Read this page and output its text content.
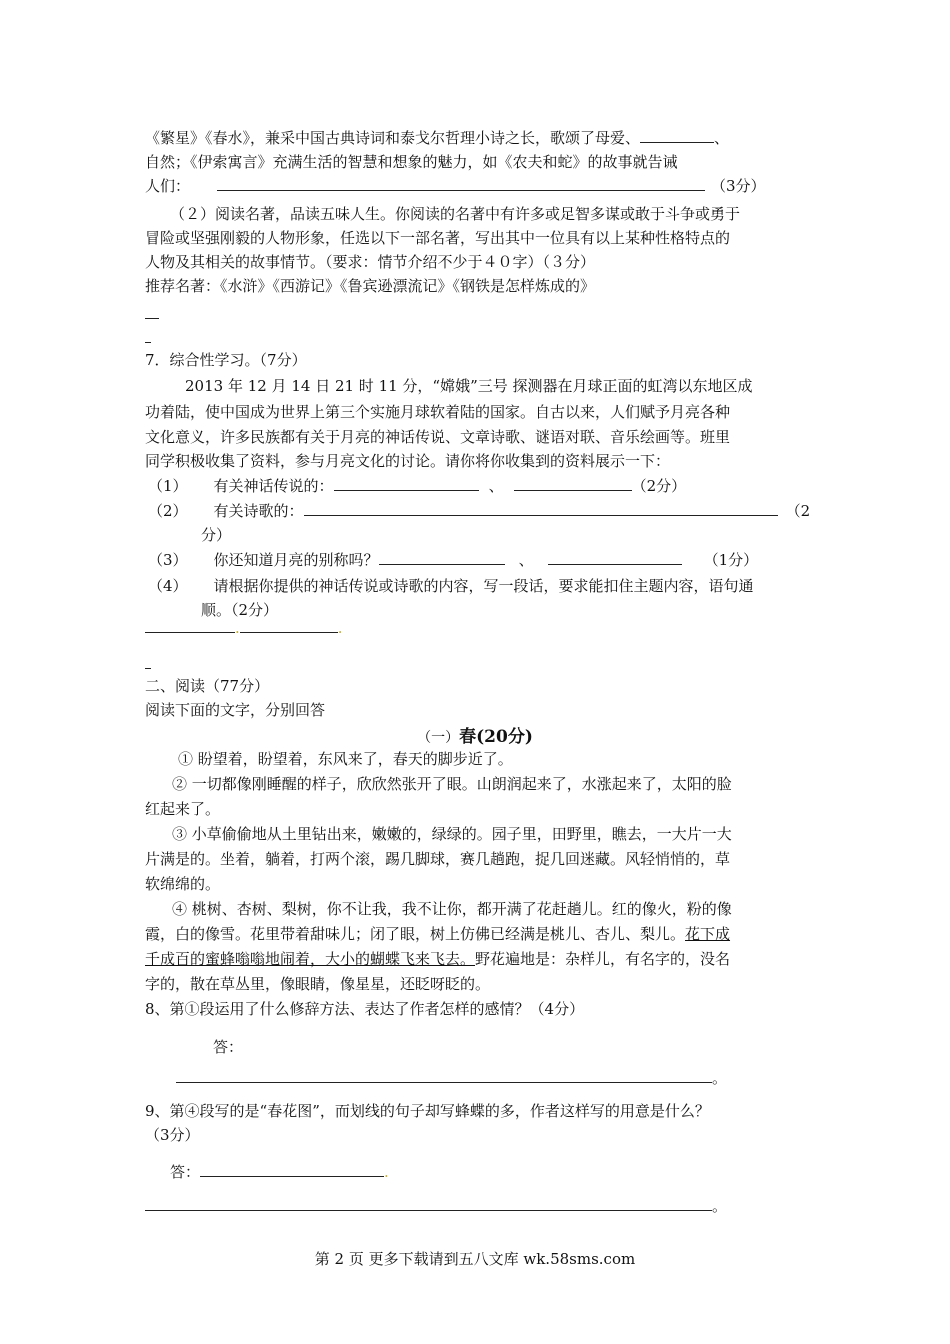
《繁星》《春水》，兼采中国古典诗词和泰戈尔哲理小诗之长，歌颂了母爱、	、
自然；《伊索寓言》充满生活的智慧和想象的魅力，如《农夫和蛇》的故事就告诫
人们：	（3分）
（２）阅读名著，品读五味人生。你阅读的名著中有许多或足智多谋或敢于斗争或勇于
冒险或坚强刚毅的人物形象，任选以下一部名著，写出其中一位具有以上某种性格特点的
人物及其相关的故事情节。（要求：情节介绍不少于４０字）（３分）
推荐名著：《水浒》《西游记》《鲁宾逊漂流记》《钢铁是怎样炼成的》
7．综合性学习。（7分）
2013 年 12 月 14 日 21 时 11 分，“嫦娥”三号 探测器在月球正面的虹湾以东地区成
功着陆，使中国成为世界上第三个实施月球软着陆的国家。自古以来，人们赋予月亮各种
文化意义，许多民族都有关于月亮的神话传说、文章诗歌、谜语对联、音乐绘画等。班里
同学积极收集了资料，参与月亮文化的讨论。请你将你收集到的资料展示一下：
（1） 有关神话传说的：	、	（2分）
（2） 有关诗歌的：	（2
分）
（3） 你还知道月亮的别称吗？	、	（1分）
（4） 请根据你提供的神话传说或诗歌的内容，写一段话，要求能扣住主题内容，语句通
顺。（2分）
.	.
二、阅读（77分）
阅读下面的文字，分别回答
（一）春(20分)
① 盼望着，盼望着，东风来了，春天的脚步近了。
② 一切都像刚睡醒的样子，欣欣然张开了眼。山朗润起来了，水涨起来了，太阳的脸
红起来了。
③ 小草偷偷地从土里钻出来，嫩嫩的，绿绿的。园子里，田野里，瞧去，一大片一大
片满是的。坐着，躺着，打两个滚，踢几脚球，赛几趟跑，捉几回迷藏。风轻悄悄的，草
软绵绵的。
④ 桃树、杏树、梨树，你不让我，我不让你，都开满了花赶趟儿。红的像火，粉的像
霞，白的像雪。花里带着甜味儿；闭了眼，树上仿佛已经满是桃儿、杏儿、梨儿。花下成
千成百的蜜蜂嗡嗡地闹着，大小的蝴蝶飞来飞去。野花遍地是：杂样儿，有名字的，没名
字的，散在草丛里，像眼睛，像星星，还眨呀眨的。
8、第①段运用了什么修辞方法、表达了作者怎样的感情？（4分）
答：
。
9、第④段写的是“春花图”，而划线的句子却写蜂蝶的多，作者这样写的用意是什么？
（3分）
答：	.
。
第 2 页 更多下载请到五八文库 wk.58sms.com
